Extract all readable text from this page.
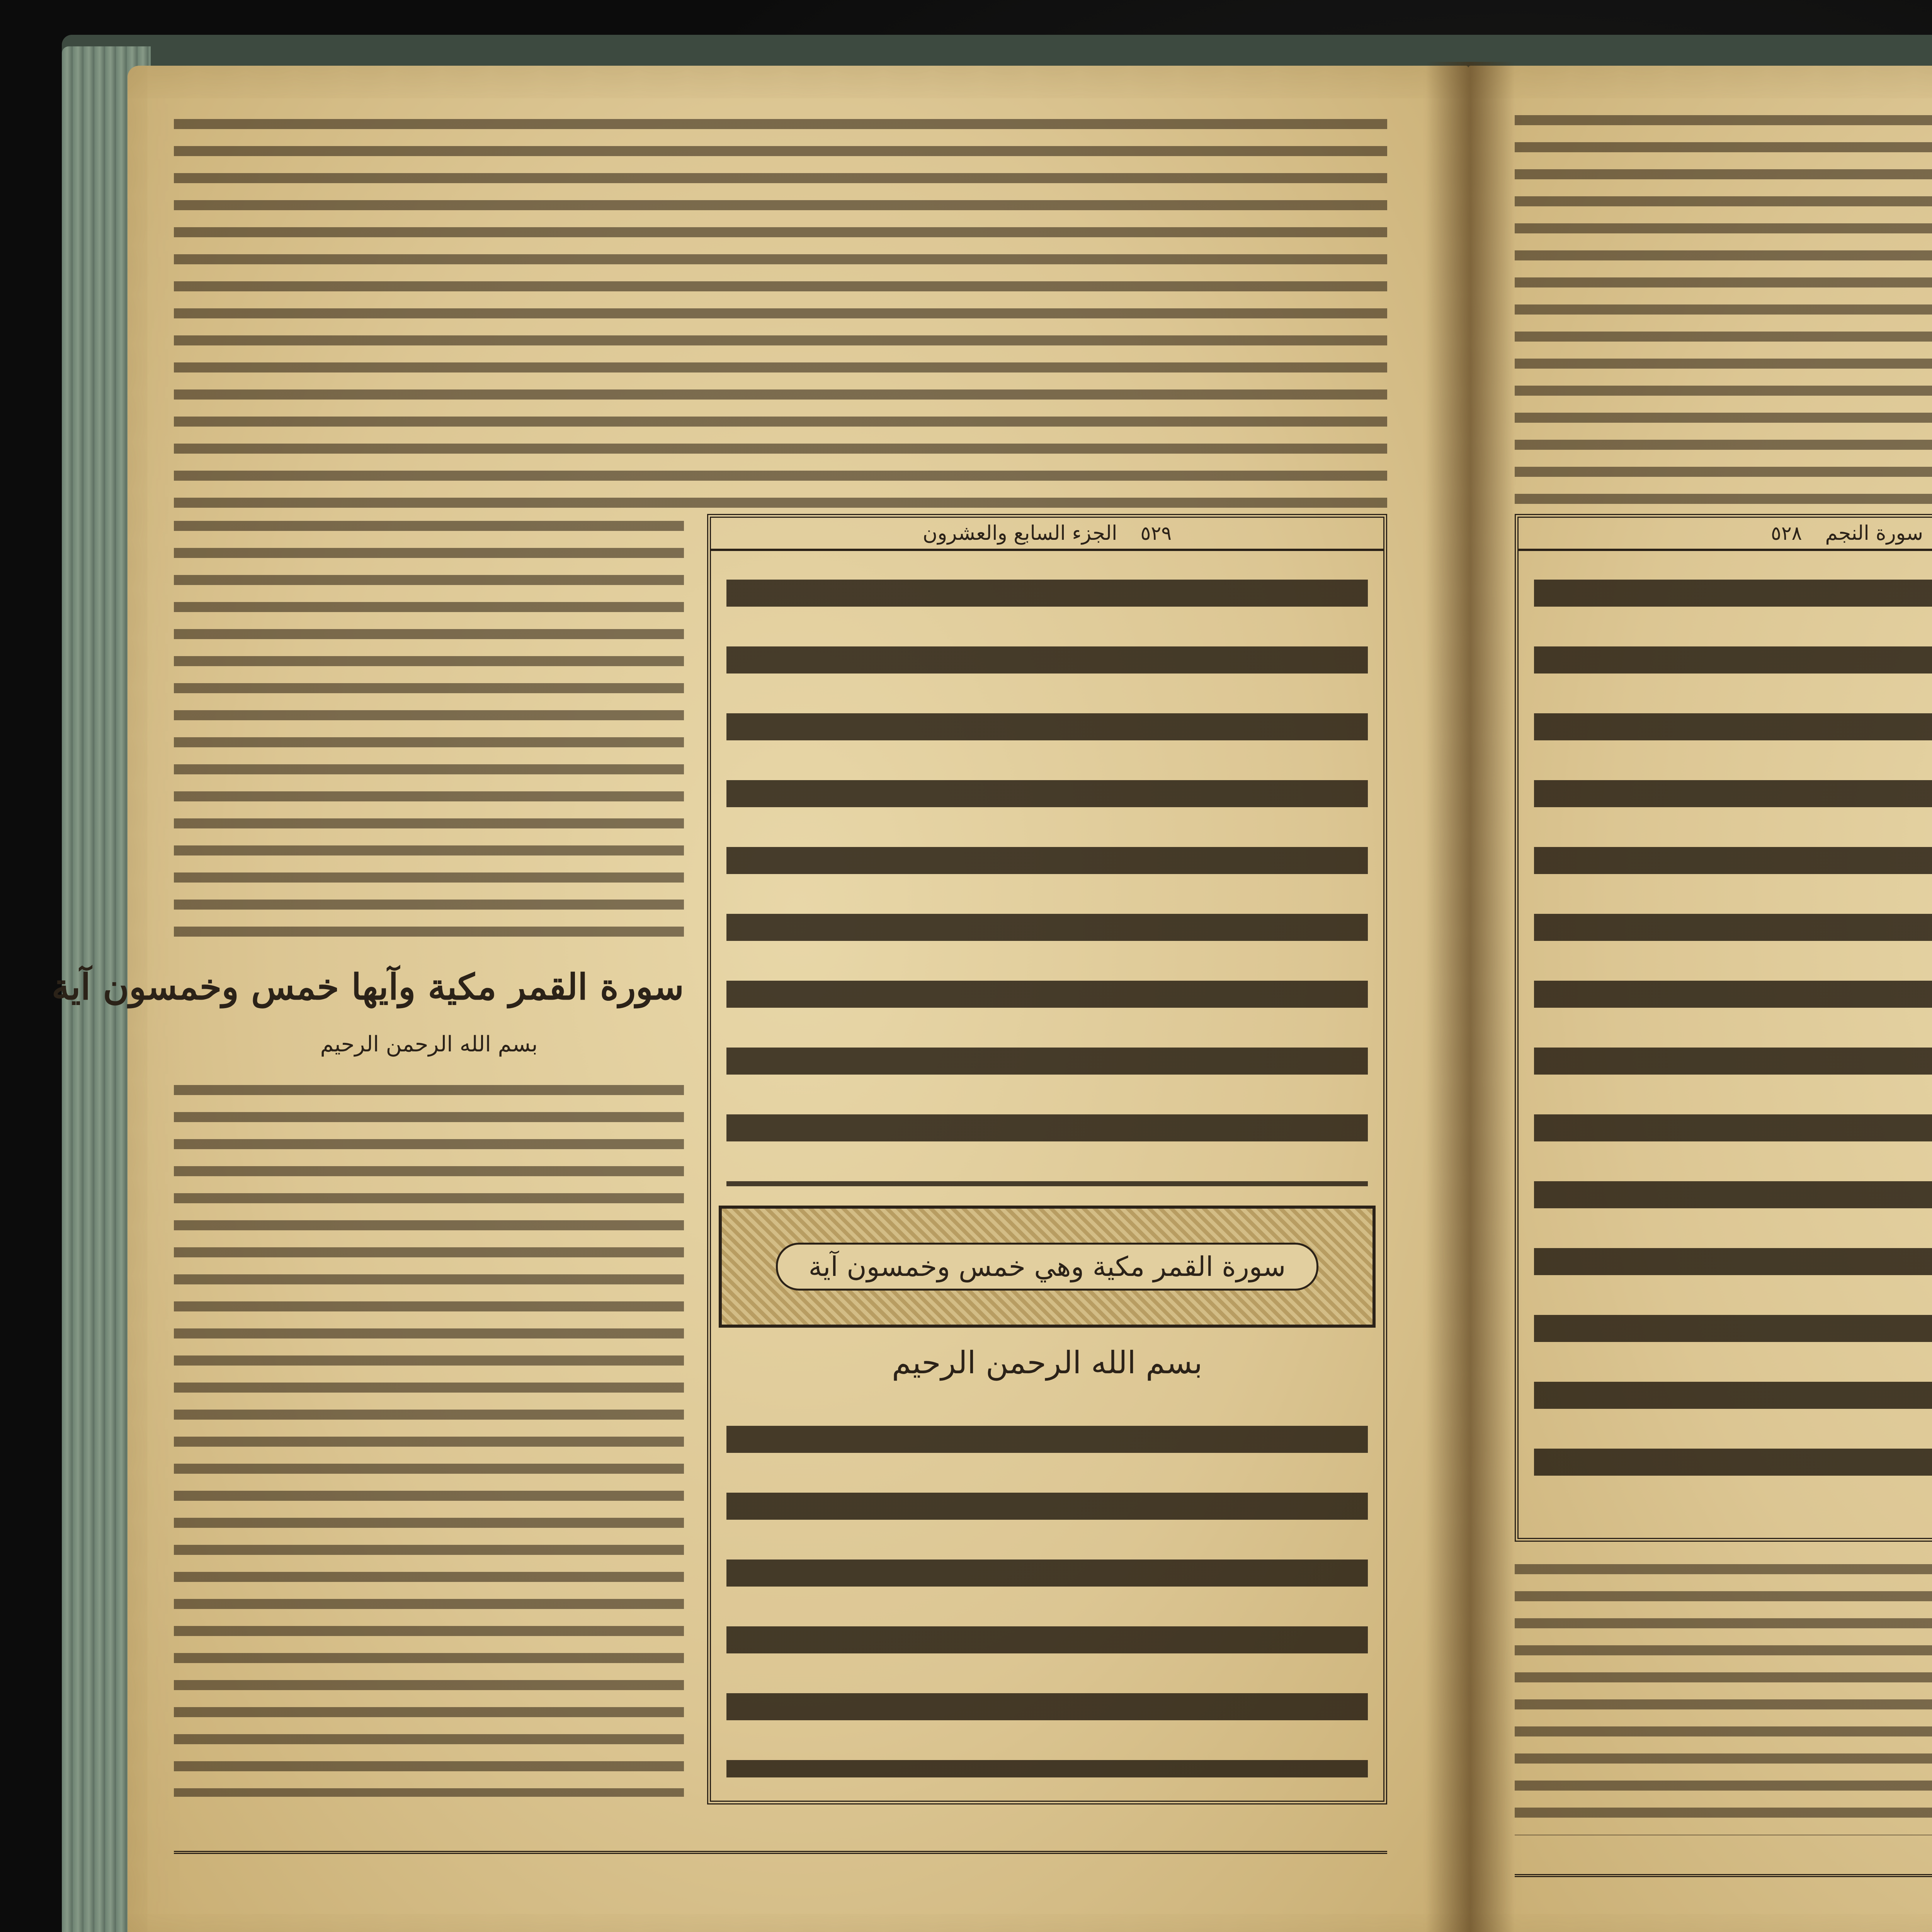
سورة القمر مكية وآيها خمس وخمسون آية
بسم الله الرحمن الرحيم
٥٢٩
الجزء السابع والعشرون
سورة القمر مكية وهي خمس وخمسون آية
بسم الله الرحمن الرحيم
سورة النجم
٥٢٨
